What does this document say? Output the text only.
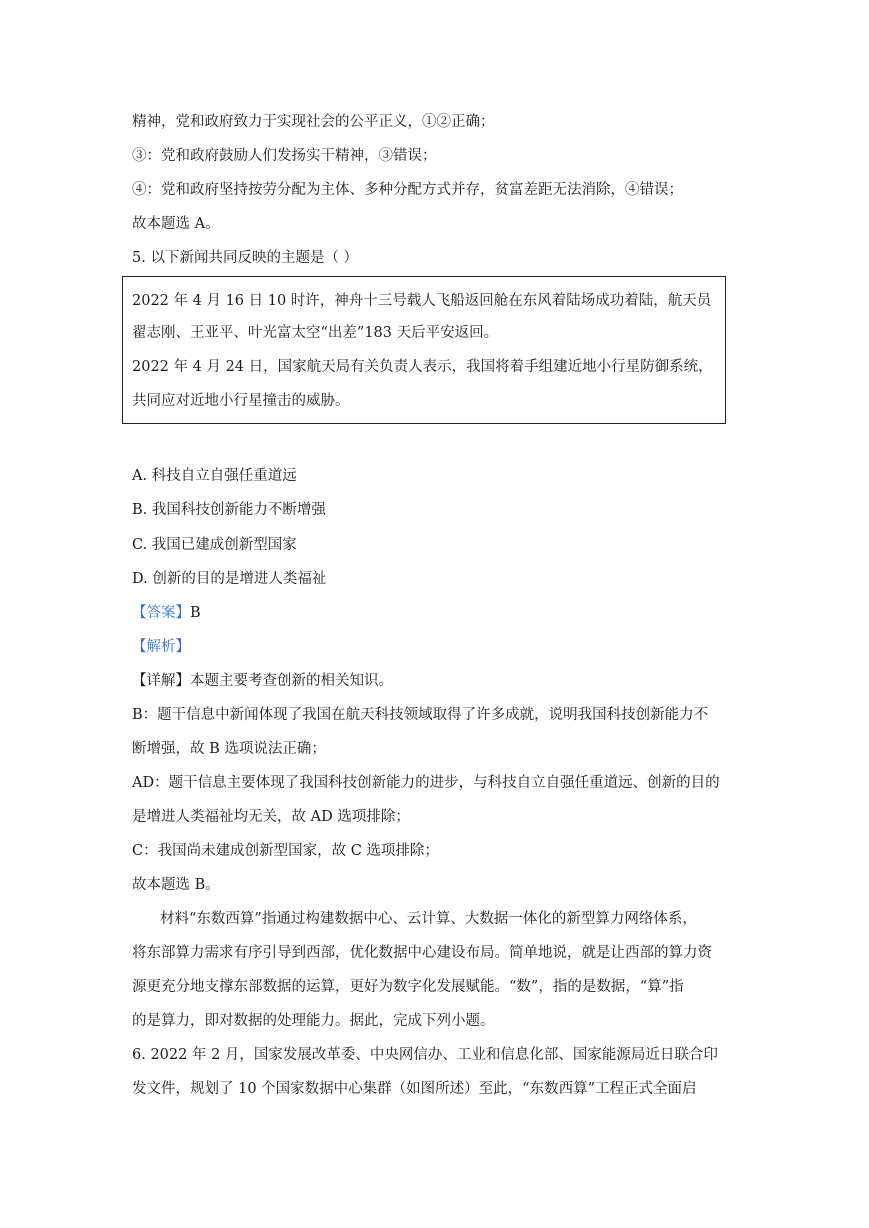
精神，党和政府致力于实现社会的公平正义，①②正确；
③：党和政府鼓励人们发扬实干精神，③错误；
④：党和政府坚持按劳分配为主体、多种分配方式并存，贫富差距无法消除，④错误；
故本题选 A。
5. 以下新闻共同反映的主题是（ ）
2022 年 4 月 16 日 10 时许，神舟十三号载人飞船返回舱在东风着陆场成功着陆，航天员
翟志刚、王亚平、叶光富太空“出差”183 天后平安返回。
2022 年 4 月 24 日，国家航天局有关负责人表示，我国将着手组建近地小行星防御系统，
共同应对近地小行星撞击的威胁。
A. 科技自立自强任重道远
B. 我国科技创新能力不断增强
C. 我国已建成创新型国家
D. 创新的目的是增进人类福祉
【答案】B
【解析】
【详解】本题主要考查创新的相关知识。
B：题干信息中新闻体现了我国在航天科技领域取得了许多成就，说明我国科技创新能力不
断增强，故 B 选项说法正确；
AD：题干信息主要体现了我国科技创新能力的进步，与科技自立自强任重道远、创新的目的
是增进人类福祉均无关，故 AD 选项排除；
C：我国尚未建成创新型国家，故 C 选项排除；
故本题选 B。
材料“东数西算”指通过构建数据中心、云计算、大数据一体化的新型算力网络体系，
将东部算力需求有序引导到西部，优化数据中心建设布局。简单地说，就是让西部的算力资
源更充分地支撑东部数据的运算，更好为数字化发展赋能。“数”，指的是数据，“算”指
的是算力，即对数据的处理能力。据此，完成下列小题。
6. 2022 年 2 月，国家发展改革委、中央网信办、工业和信息化部、国家能源局近日联合印
发文件，规划了 10 个国家数据中心集群（如图所述）至此，“东数西算”工程正式全面启
